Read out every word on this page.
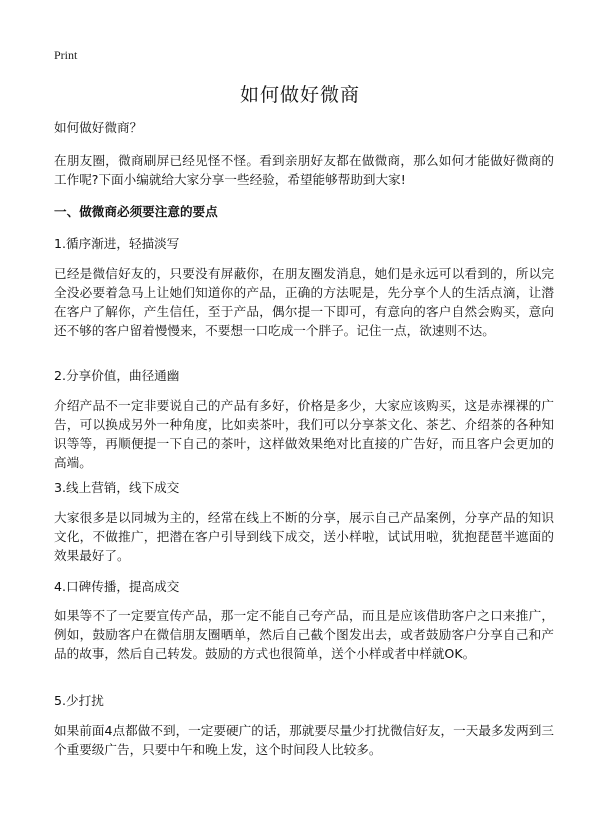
Print
如何做好微商
如何做好微商？
在朋友圈，微商刷屏已经见怪不怪。看到亲朋好友都在做微商，那么如何才能做好微商的工作呢?下面小编就给大家分享一些经验，希望能够帮助到大家!
一、做微商必须要注意的要点
1.循序渐进，轻描淡写
已经是微信好友的，只要没有屏蔽你，在朋友圈发消息，她们是永远可以看到的，所以完全没必要着急马上让她们知道你的产品，正确的方法呢是，先分享个人的生活点滴，让潜在客户了解你，产生信任，至于产品，偶尔提一下即可，有意向的客户自然会购买，意向还不够的客户留着慢慢来，不要想一口吃成一个胖子。记住一点，欲速则不达。
2.分享价值，曲径通幽
介绍产品不一定非要说自己的产品有多好，价格是多少，大家应该购买，这是赤裸裸的广告，可以换成另外一种角度，比如卖茶叶，我们可以分享茶文化、茶艺、介绍茶的各种知识等等，再顺便提一下自己的茶叶，这样做效果绝对比直接的广告好，而且客户会更加的高端。
3.线上营销，线下成交
大家很多是以同城为主的，经常在线上不断的分享，展示自己产品案例，分享产品的知识文化，不做推广，把潜在客户引导到线下成交，送小样啦，试试用啦，犹抱琵琶半遮面的效果最好了。
4.口碑传播，提高成交
如果等不了一定要宣传产品，那一定不能自己夸产品，而且是应该借助客户之口来推广，例如，鼓励客户在微信朋友圈晒单，然后自己截个图发出去，或者鼓励客户分享自己和产品的故事，然后自己转发。鼓励的方式也很简单，送个小样或者中样就OK。
5.少打扰
如果前面4点都做不到，一定要硬广的话，那就要尽量少打扰微信好友，一天最多发两到三个重要级广告，只要中午和晚上发，这个时间段人比较多。
